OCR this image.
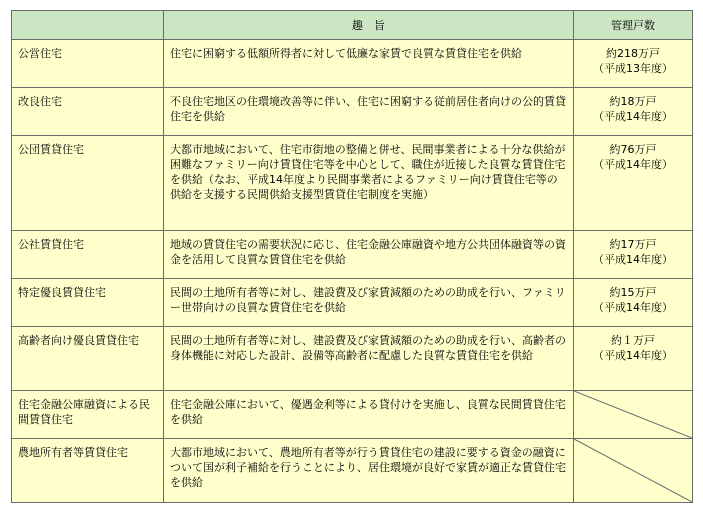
	趣　旨	管理戸数
公営住宅	住宅に困窮する低額所得者に対して低廉な家賃で良質な賃貸住宅を供給	約218万戸
（平成13年度）

改良住宅	不良住宅地区の住環境改善等に伴い、住宅に困窮する従前居住者向けの公的賃貸住宅を供給	約18万戸
（平成14年度）

公団賃貸住宅	大都市地域において、住宅市街地の整備と併せ、民間事業者による十分な供給が困難なファミリー向け賃貸住宅等を中心として、職住が近接した良質な賃貸住宅を供給（なお、平成14年度より民間事業者によるファミリー向け賃貸住宅等の供給を支援する民間供給支援型賃貸住宅制度を実施）	約76万戸
（平成14年度）

公社賃貸住宅	地域の賃貸住宅の需要状況に応じ、住宅金融公庫融資や地方公共団体融資等の資金を活用して良質な賃貸住宅を供給	約17万戸
（平成14年度）

特定優良賃貸住宅	民間の土地所有者等に対し、建設費及び家賃減額のための助成を行い、ファミリー世帯向けの良質な賃貸住宅を供給	約15万戸
（平成14年度）

高齢者向け優良賃貸住宅	民間の土地所有者等に対し、建設費及び家賃減額のための助成を行い、高齢者の身体機能に対応した設計、設備等高齢者に配慮した良質な賃貸住宅を供給	約１万戸
（平成14年度）

住宅金融公庫融資による民間賃貸住宅	住宅金融公庫において、優遇金利等による貸付けを実施し、良質な民間賃貸住宅を供給	

農地所有者等賃貸住宅	大都市地域において、農地所有者等が行う賃貸住宅の建設に要する資金の融資について国が利子補給を行うことにより、居住環境が良好で家賃が適正な賃貸住宅を供給	
